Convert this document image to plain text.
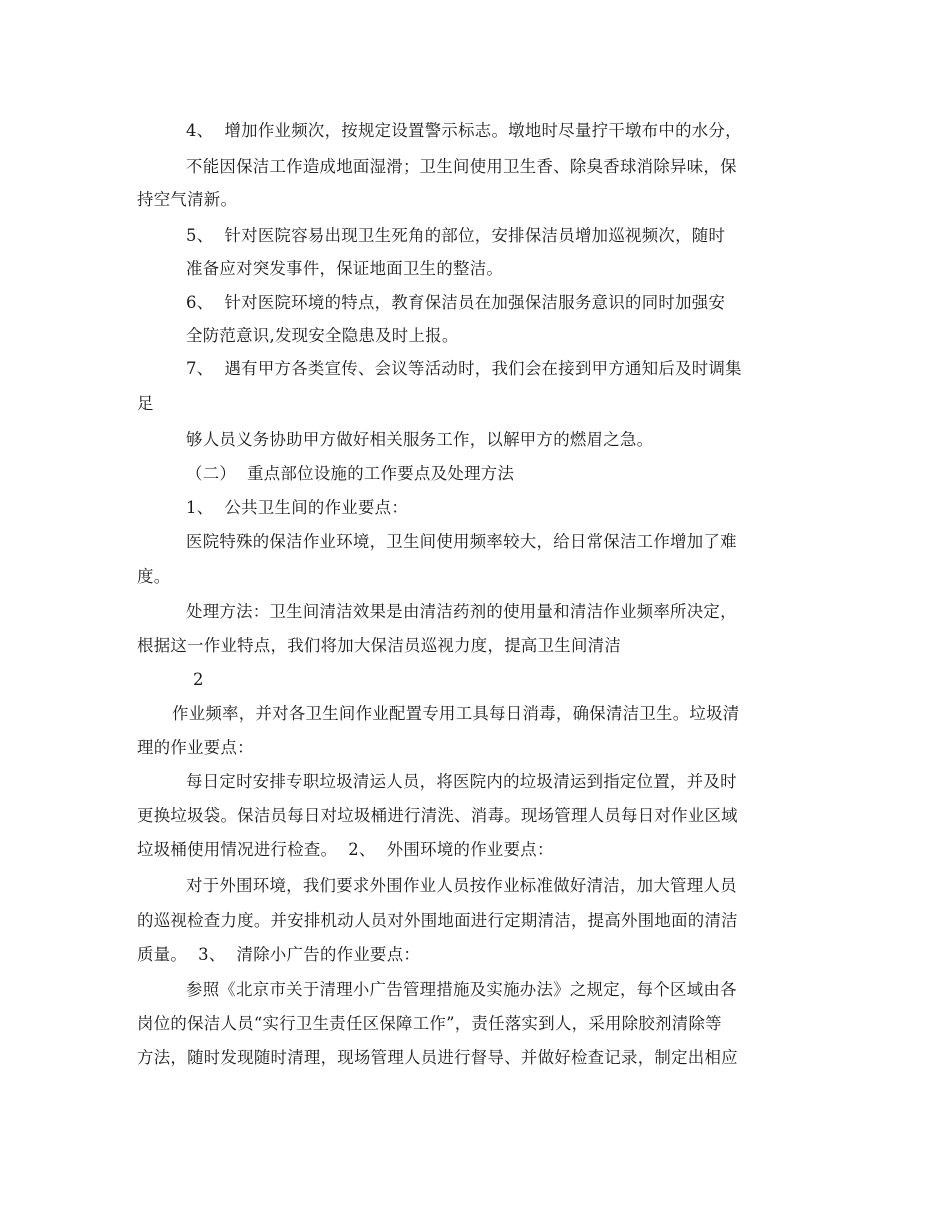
4、  增加作业频次，按规定设置警示标志。墩地时尽量拧干墩布中的水分，

不能因保洁工作造成地面湿滑；卫生间使用卫生香、除臭香球消除异味，保

持空气清新。

5、  针对医院容易出现卫生死角的部位，安排保洁员增加巡视频次，随时

准备应对突发事件，保证地面卫生的整洁。

6、  针对医院环境的特点，教育保洁员在加强保洁服务意识的同时加强安

全防范意识,发现安全隐患及时上报。

7、  遇有甲方各类宣传、会议等活动时，我们会在接到甲方通知后及时调集

足

够人员义务协助甲方做好相关服务工作，以解甲方的燃眉之急。

（二）  重点部位设施的工作要点及处理方法

1、  公共卫生间的作业要点：

医院特殊的保洁作业环境，卫生间使用频率较大，给日常保洁工作增加了难

度。

处理方法：卫生间清洁效果是由清洁药剂的使用量和清洁作业频率所决定，

根据这一作业特点，我们将加大保洁员巡视力度，提高卫生间清洁

2

作业频率，并对各卫生间作业配置专用工具每日消毒，确保清洁卫生。垃圾清

理的作业要点：

每日定时安排专职垃圾清运人员，将医院内的垃圾清运到指定位置，并及时

更换垃圾袋。保洁员每日对垃圾桶进行清洗、消毒。现场管理人员每日对作业区域

垃圾桶使用情况进行检查。  2、  外围环境的作业要点：

对于外围环境，我们要求外围作业人员按作业标准做好清洁，加大管理人员

的巡视检查力度。并安排机动人员对外围地面进行定期清洁，提高外围地面的清洁

质量。  3、  清除小广告的作业要点：

参照《北京市关于清理小广告管理措施及实施办法》之规定，每个区域由各

岗位的保洁人员“实行卫生责任区保障工作”，责任落实到人，采用除胶剂清除等

方法，随时发现随时清理，现场管理人员进行督导、并做好检查记录，制定出相应
